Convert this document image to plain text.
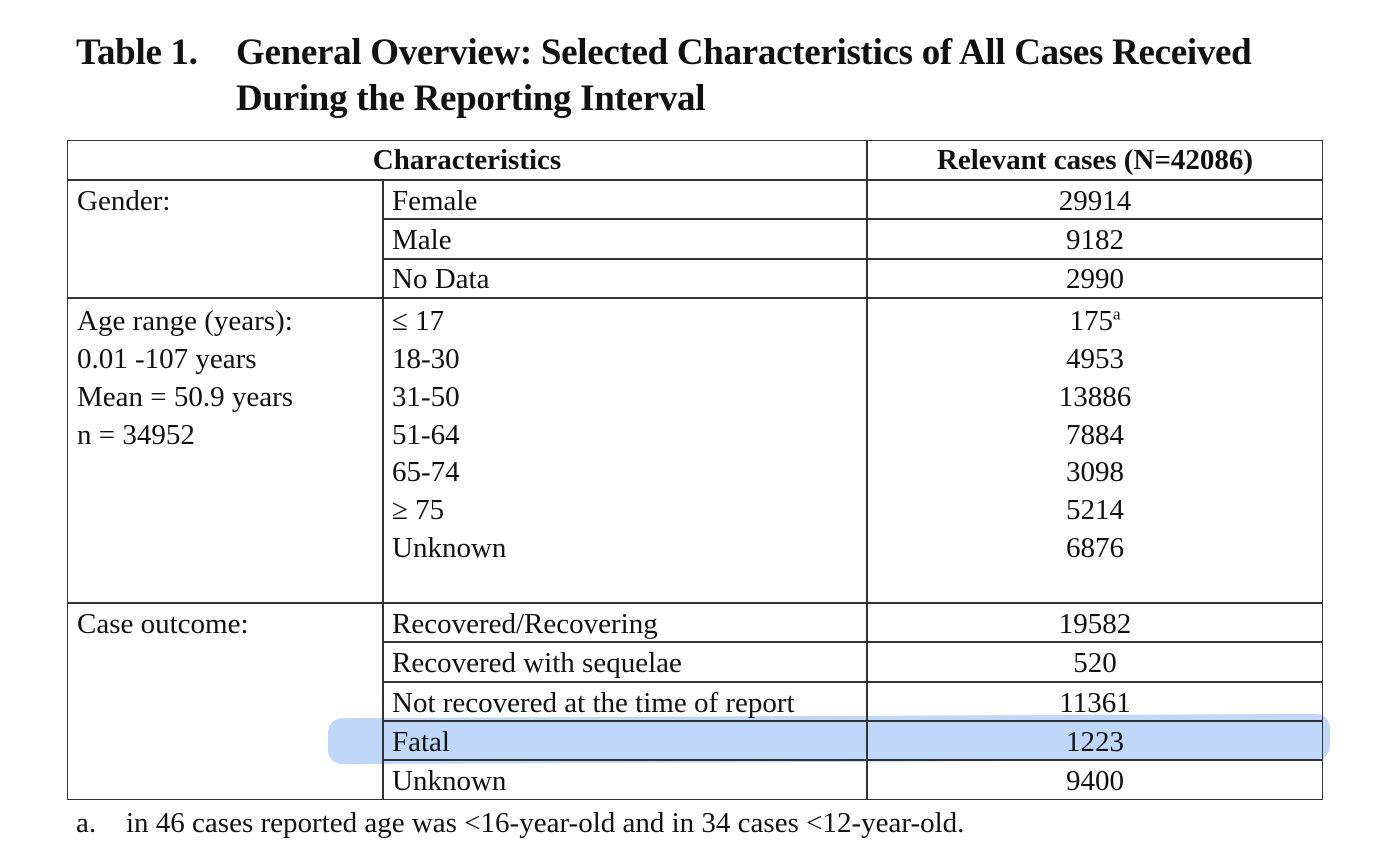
Table 1. General Overview: Selected Characteristics of All Cases Received During the Reporting Interval
Characteristics	Relevant cases (N=42086)
Gender:	Female	29914
Male	9182
No Data	2990
Age range (years):
0.01 -107 years
Mean = 50.9 years
n = 34952
≤ 17	175$^a$
18-30	4953
31-50	13886
51-64	7884
65-74	3098
≥ 75	5214
Unknown	6876
Case outcome:	Recovered/Recovering	19582
Recovered with sequelae	520
Not recovered at the time of report	11361
Fatal	1223
Unknown	9400
a. in 46 cases reported age was <16-year-old and in 34 cases <12-year-old.
